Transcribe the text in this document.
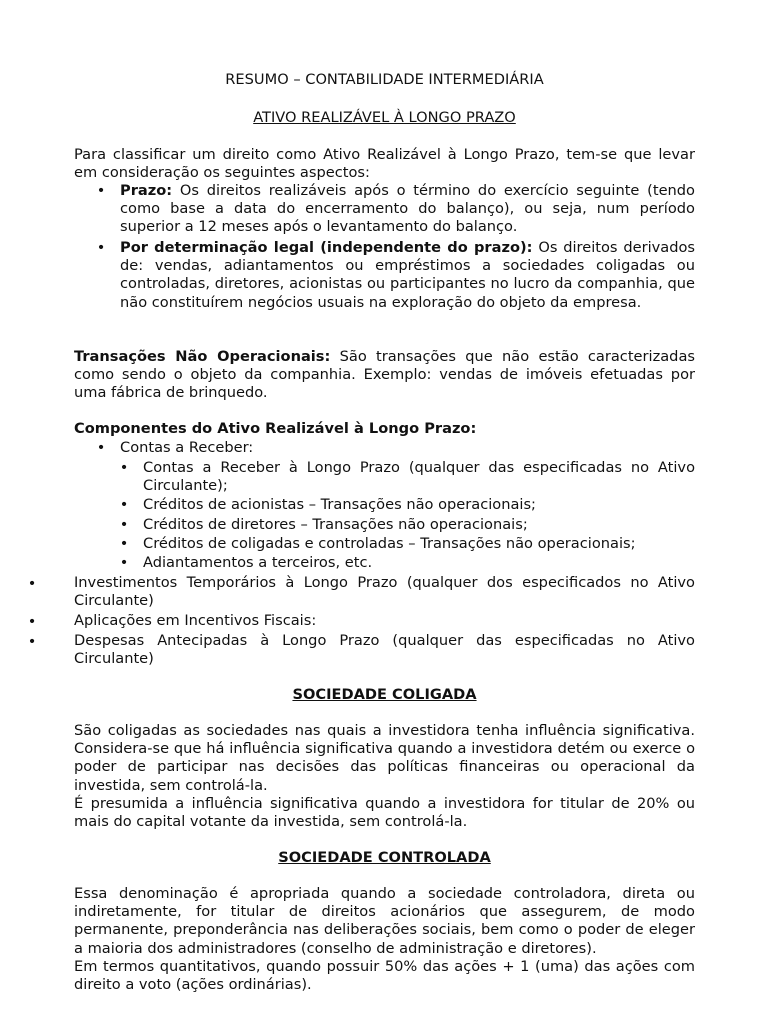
RESUMO – CONTABILIDADE INTERMEDIÁRIA

ATIVO REALIZÁVEL À LONGO PRAZO

Para classificar um direito como Ativo Realizável à Longo Prazo, tem-se que levar em consideração os seguintes aspectos:

• Prazo: Os direitos realizáveis após o término do exercício seguinte (tendo como base a data do encerramento do balanço), ou seja, num período superior a 12 meses após o levantamento do balanço.

• Por determinação legal (independente do prazo): Os direitos derivados de: vendas, adiantamentos ou empréstimos a sociedades coligadas ou controladas, diretores, acionistas ou participantes no lucro da companhia, que não constituírem negócios usuais na exploração do objeto da empresa.

Transações Não Operacionais: São transações que não estão caracterizadas como sendo o objeto da companhia. Exemplo: vendas de imóveis efetuadas por uma fábrica de brinquedo.

Componentes do Ativo Realizável à Longo Prazo:

• Contas a Receber:

• Contas a Receber à Longo Prazo (qualquer das especificadas no Ativo Circulante);

• Créditos de acionistas – Transações não operacionais;

• Créditos de diretores – Transações não operacionais;

• Créditos de coligadas e controladas – Transações não operacionais;

• Adiantamentos a terceiros, etc.

•	Investimentos Temporários à Longo Prazo (qualquer dos especificados no Ativo Circulante)

•	Aplicações em Incentivos Fiscais:

•	Despesas Antecipadas à Longo Prazo (qualquer das especificadas no Ativo Circulante)

SOCIEDADE COLIGADA

São coligadas as sociedades nas quais a investidora tenha influência significativa. Considera-se que há influência significativa quando a investidora detém ou exerce o poder de participar nas decisões das políticas financeiras ou operacional da investida, sem controlá-la.

É presumida a influência significativa quando a investidora for titular de 20% ou mais do capital votante da investida, sem controlá-la.

SOCIEDADE CONTROLADA

Essa denominação é apropriada quando a sociedade controladora, direta ou indiretamente, for titular de direitos acionários que assegurem, de modo permanente, preponderância nas deliberações sociais, bem como o poder de eleger a maioria dos administradores (conselho de administração e diretores).

Em termos quantitativos, quando possuir 50% das ações + 1 (uma) das ações com direito a voto (ações ordinárias).
